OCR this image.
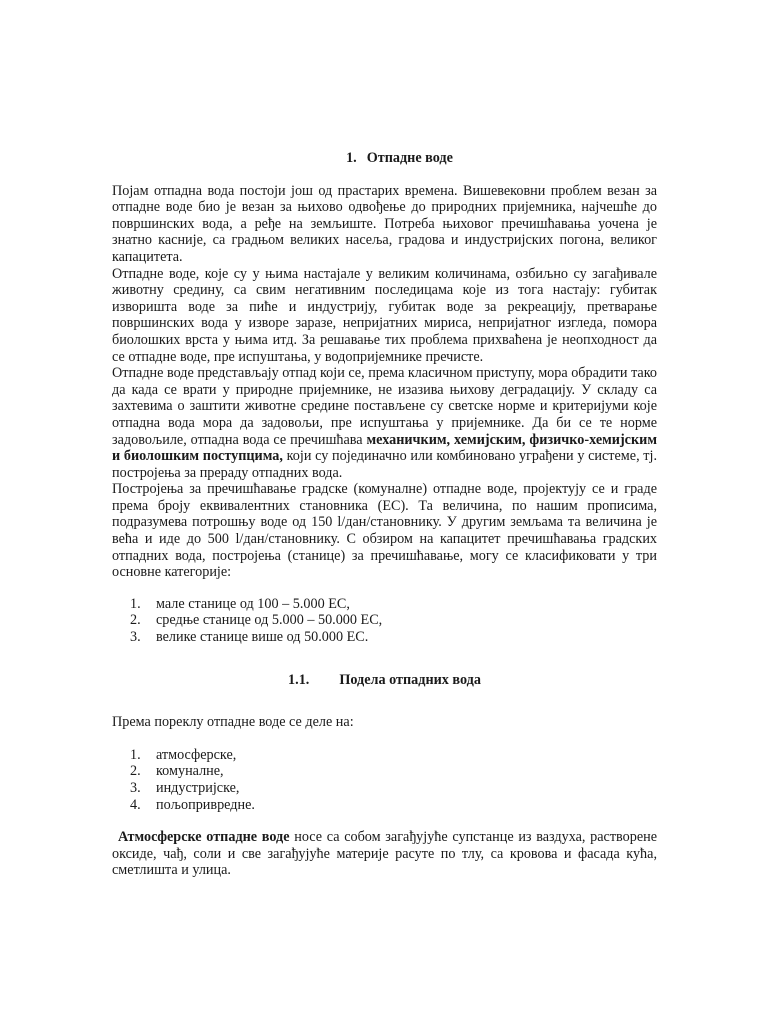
1. Отпадне воде

Појам отпадна вода постоји још од прастарих времена. Вишевековни проблем везан за отпадне воде био је везан за њихово одвођење до природних пријемника, најчешће до површинских вода, а ређе на земљиште. Потреба њиховог пречишћавања уочена је знатно касније, са градњом великих насеља, градова и индустријских погона, великог капацитета.

Отпадне воде, које су у њима настајале у великим количинама, озбиљно су загађивале животну средину, са свим негативним последицама које из тога настају: губитак изворишта воде за пиће и индустрију, губитак воде за рекреацију, претварање површинских вода у изворе зарaзе, непријатних мириса, непријатног изгледа, помора биолошких врста у њима итд. За решавање тих проблема прихваћена је неопходност да се отпадне воде, пре испуштања, у водопријемнике пречисте.

Отпадне воде представљају отпад који се, према класичном приступу, мора обрадити тако да када се врати у природне пријемнике, не изазива њихову деградацију. У складу са захтевима о заштити животне средине постављене су светске норме и критеријуми које отпадна вода мора да задовољи, пре испуштања у пријемнике. Да би се те норме задовољиле, отпадна вода се пречишћава механичким, хемијским, физичко-хемијским и биолошким поступцима, који су појединачно или комбиновано уграђени у системе, тј. постројења за прераду отпадних вода.

Постројења за пречишћавање градске (комуналне) отпадне воде, пројектују се и граде према броју еквивалентних становника (ЕС). Та величина, по нашим прописима, подразумева потрошњу воде од 150 l/дан/становнику. У другим земљама та величина је већа и иде до 500 l/дан/становнику. С обзиром на капацитет пречишћавања градских отпадних вода, постројења (станице) за пречишћавање, могу се класификовати у три основне категорије:

1. мале станице од 100 – 5.000 ЕС,
2. средње станице од 5.000 – 50.000 ЕС,
3. велике станице више од 50.000 ЕС.
1.1. Подела отпадних вода

Према пореклу отпадне воде се деле на:

1. атмосферске,
2. комуналне,
3. индустријске,
4. пољопривредне.

Атмосферске отпадне воде носе са собом загађујуће супстанце из ваздуха, растворене оксиде, чађ, соли и све загађујуће материје расуте по тлу, са кровова и фасада кућа, сметлишта и улица.
